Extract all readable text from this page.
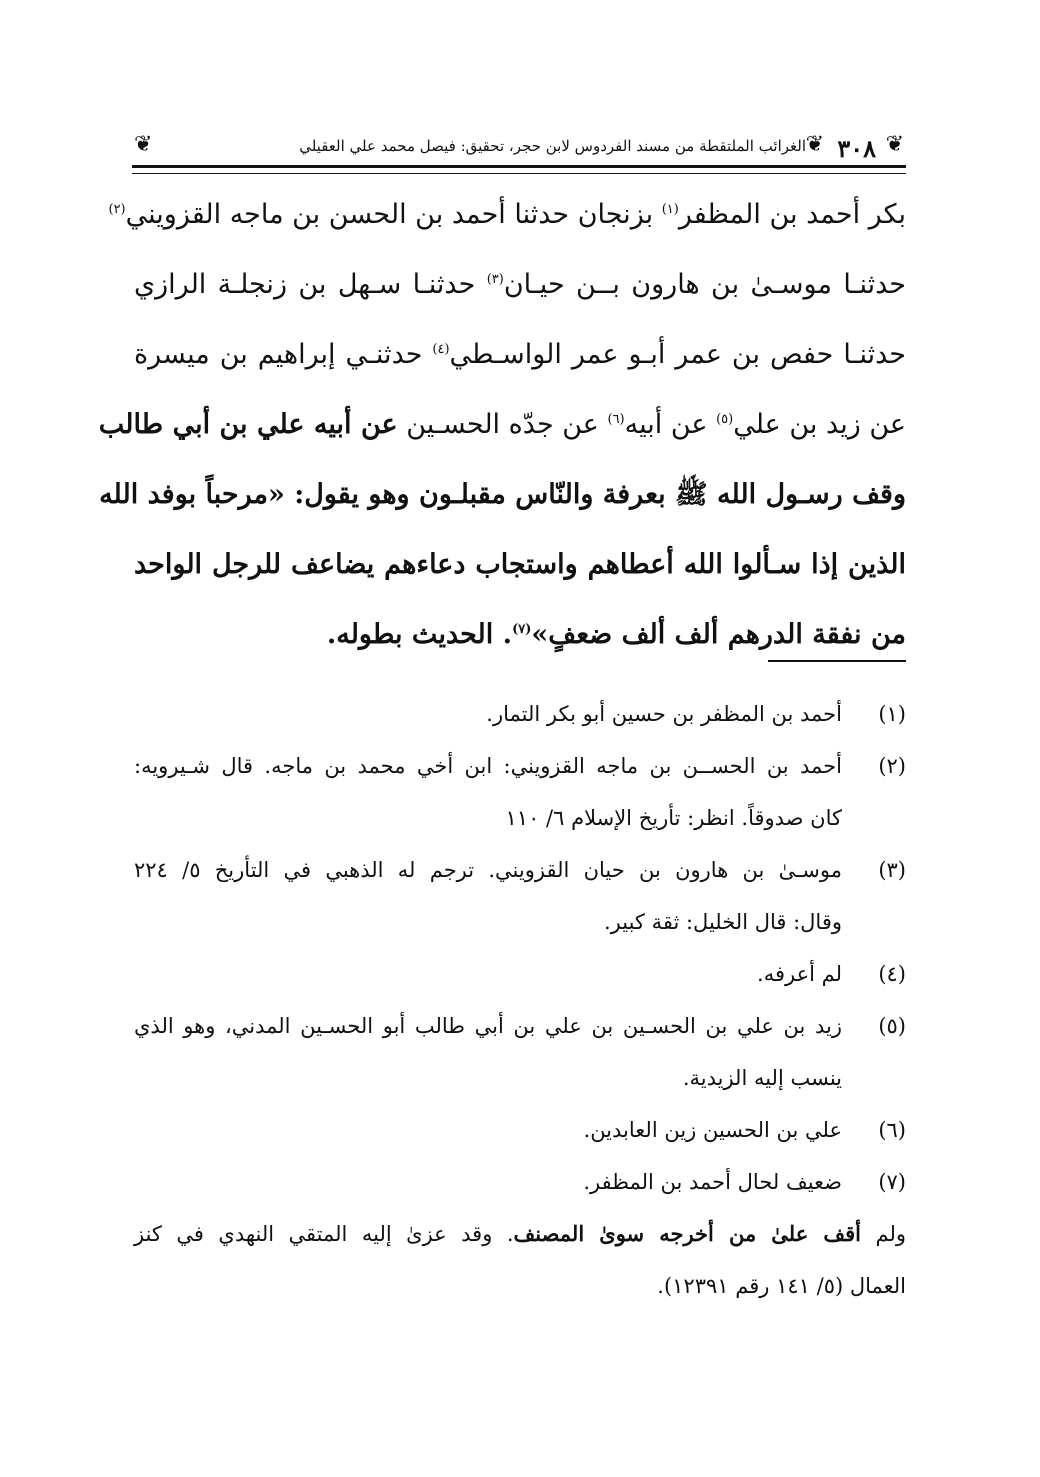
❦
٣٠٨
❦
الغرائب الملتقطة من مسند الفردوس لابن حجر، تحقيق: فيصل محمد علي العقيلي
❦
بكر أحمد بن المظفر$^{(١)}$ بزنجان حدثنا أحمد بن الحسن بن ماجه القزويني$^{(٢)}$
حدثنـا موسـىٰ بن هارون بــن حيـان$^{(٣)}$ حدثنـا سـهل بن زنجلـة الرازي
حدثنـا حفص بن عمر أبـو عمر الواسـطي$^{(٤)}$ حدثنـي إبراهيم بن ميسرة
عن زيد بن علي$^{(٥)}$ عن أبيه$^{(٦)}$ عن جدّه الحسـين عن أبيه علي بن أبي طالب
وقف رسـول الله ﷺ بعرفة والنّاس مقبلـون وهو يقول: «مرحباً بوفد الله
الذين إذا سـألوا الله أعطاهم واستجاب دعاءهم يضاعف للرجل الواحد
من نفقة الدرهم ألف ألف ضعفٍ»$^{(٧)}$. الحديث بطوله.
(١)
أحمد بن المظفر بن حسين أبو بكر التمار.
(٢)
أحمد بن الحســن بن ماجه القزويني: ابن أخي محمد بن ماجه. قال شـيرويه:
كان صدوقاً. انظر: تأريخ الإسلام ٦/ ١١٠
(٣)
موسـىٰ بن هارون بن حيان القزويني. ترجم له الذهبي في التأريخ ٥/ ٢٢٤
وقال: قال الخليل: ثقة كبير.
(٤)
لم أعرفه.
(٥)
زيد بن علي بن الحسـين بن علي بن أبي طالب أبو الحسـين المدني، وهو الذي
ينسب إليه الزيدية.
(٦)
علي بن الحسين زين العابدين.
(٧)
ضعيف لحال أحمد بن المظفر.
ولم أقف علىٰ من أخرجه سوىٰ المصنف. وقد عزىٰ إليه المتقي النهدي في كنز
العمال (٥/ ١٤١ رقم ١٢٣٩١).
